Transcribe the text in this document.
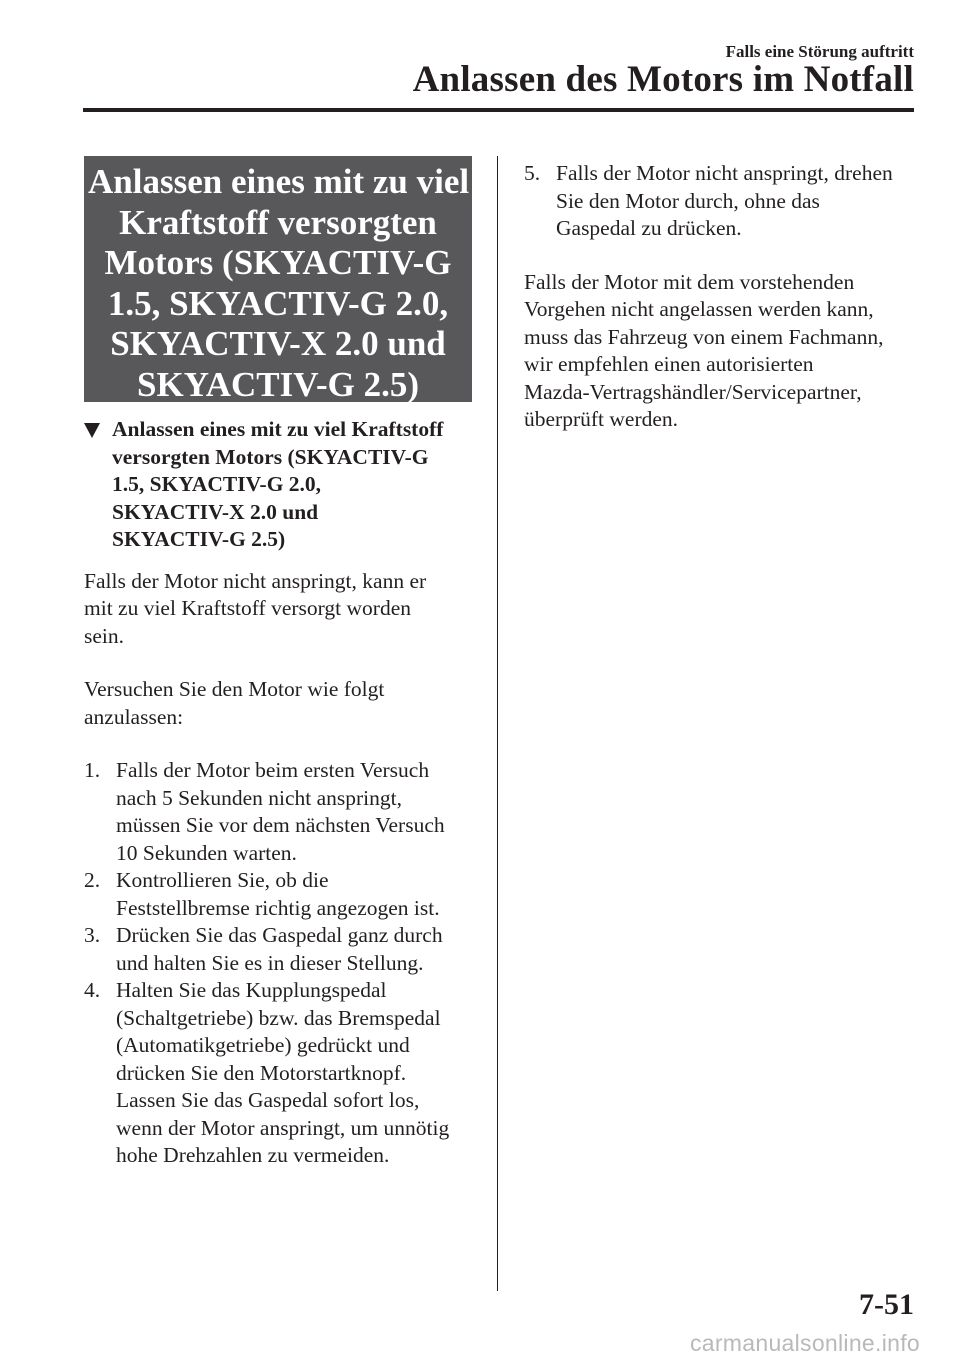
Falls eine Störung auftritt
Anlassen des Motors im Notfall
Anlassen eines mit zu viel
Kraftstoff versorgten
Motors (SKYACTIV-G
1.5, SKYACTIV-G 2.0,
SKYACTIV-X 2.0 und
SKYACTIV-G 2.5)
Anlassen eines mit zu viel Kraftstoff
versorgten Motors (SKYACTIV-G
1.5, SKYACTIV-G 2.0,
SKYACTIV-X 2.0 und
SKYACTIV-G 2.5)

Falls der Motor nicht anspringt, kann er
mit zu viel Kraftstoff versorgt worden
sein.

Versuchen Sie den Motor wie folgt
anzulassen:

1. Falls der Motor beim ersten Versuch
nach 5 Sekunden nicht anspringt,
müssen Sie vor dem nächsten Versuch
10 Sekunden warten.
2. Kontrollieren Sie, ob die
Feststellbremse richtig angezogen ist.
3. Drücken Sie das Gaspedal ganz durch
und halten Sie es in dieser Stellung.
4. Halten Sie das Kupplungspedal
(Schaltgetriebe) bzw. das Bremspedal
(Automatikgetriebe) gedrückt und
drücken Sie den Motorstartknopf.
Lassen Sie das Gaspedal sofort los,
wenn der Motor anspringt, um unnötig
hohe Drehzahlen zu vermeiden.
5. Falls der Motor nicht anspringt, drehen
Sie den Motor durch, ohne das
Gaspedal zu drücken.

Falls der Motor mit dem vorstehenden
Vorgehen nicht angelassen werden kann,
muss das Fahrzeug von einem Fachmann,
wir empfehlen einen autorisierten
Mazda-Vertragshändler/Servicepartner,
überprüft werden.

7-51
carmanualsonline.info
